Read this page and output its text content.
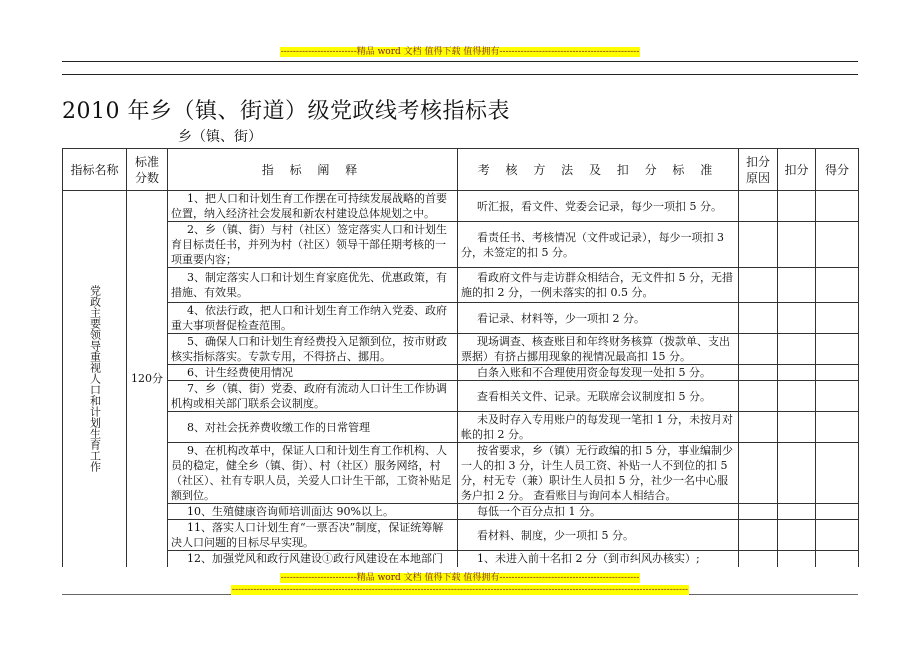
-------------------------精品 word 文档 值得下载 值得拥有----------------------------------------------
2010 年乡（镇、街道）级党政线考核指标表
乡（镇、街）
指标名称	标准分数	指 标 阐 释	考 核 方 法 及 扣 分 标 准	扣分原因	扣分	得分
党政主要领导重视人口和计划生育工作	120分	1、把人口和计划生育工作摆在可持续发展战略的首要位置，纳入经济社会发展和新农村建设总体规划之中。	听汇报，看文件、党委会记录，每少一项扣 5 分。			
		2、乡（镇、街）与村（社区）签定落实人口和计划生育目标责任书，并列为村（社区）领导干部任期考核的一项重要内容；	看责任书、考核情况（文件或记录），每少一项扣 3 分，未签定的扣 5 分。			
		3、制定落实人口和计划生育家庭优先、优惠政策，有措施、有效果。	看政府文件与走访群众相结合，无文件扣 5 分，无措施的扣 2 分，一例未落实的扣 0.5 分。			
		4、依法行政，把人口和计划生育工作纳入党委、政府重大事项督促检查范围。	看记录、材料等，少一项扣 2 分。			
		5、确保人口和计划生育经费投入足额到位，按市财政核实指标落实。专款专用，不得挤占、挪用。	现场调查、核查账目和年终财务核算（拨款单、支出票据）有挤占挪用现象的视情况最高扣 15 分。			
		6、计生经费使用情况	白条入账和不合理使用资金每发现一处扣 5 分。			
		7、乡（镇、街）党委、政府有流动人口计生工作协调机构或相关部门联系会议制度。	查看相关文件、记录。无联席会议制度扣 5 分。			
		8、对社会抚养费收缴工作的日常管理	未及时存入专用账户的每发现一笔扣 1 分，未按月对帐的扣 2 分。			
		9、在机构改革中，保证人口和计划生育工作机构、人员的稳定，健全乡（镇、街）、村（社区）服务网络，村（社区）、社有专职人员，关爱人口计生干部，工资补贴足额到位。	按省要求，乡（镇）无行政编的扣 5 分，事业编制少一人的扣 3 分，计生人员工资、补贴一人不到位的扣 5 分，村无专（兼）职计生人员扣 5 分，社少一名中心服务户扣 2 分。 查看账目与询问本人相结合。			
		10、生殖健康咨询师培训面达 90%以上。	每低一个百分点扣 1 分。			
		11、落实人口计划生育“一票否决”制度，保证统筹解决人口问题的目标尽早实现。	看材料、制度，少一项扣 5 分。			
		12、加强党风和政行风建设①政行风建设在本地部门	1、未进入前十名扣 2 分（到市纠风办核实）;			
-------------------------精品 word 文档 值得下载 值得拥有----------------------------------------------
------------------------------------------------------------------------------------------------------------------------------------------------------
